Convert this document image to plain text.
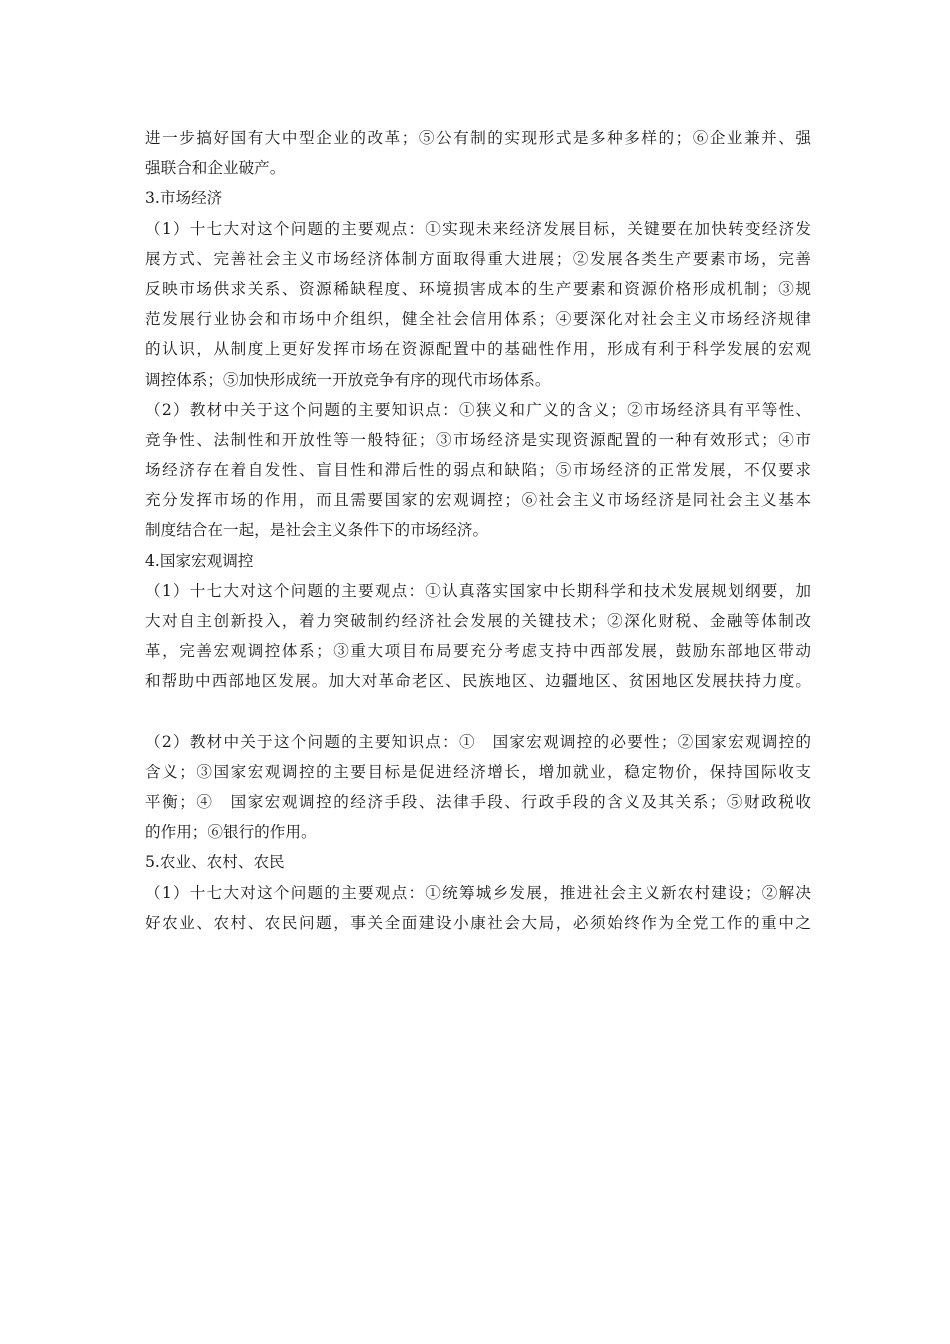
进一步搞好国有大中型企业的改革；⑤公有制的实现形式是多种多样的；⑥企业兼并、强
强联合和企业破产。
3.市场经济
（1）十七大对这个问题的主要观点：①实现未来经济发展目标，关键要在加快转变经济发
展方式、完善社会主义市场经济体制方面取得重大进展；②发展各类生产要素市场，完善
反映市场供求关系、资源稀缺程度、环境损害成本的生产要素和资源价格形成机制；③规
范发展行业协会和市场中介组织，健全社会信用体系；④要深化对社会主义市场经济规律
的认识，从制度上更好发挥市场在资源配置中的基础性作用，形成有利于科学发展的宏观
调控体系；⑤加快形成统一开放竞争有序的现代市场体系。
（2）教材中关于这个问题的主要知识点：①狭义和广义的含义；②市场经济具有平等性、
竞争性、法制性和开放性等一般特征；③市场经济是实现资源配置的一种有效形式；④市
场经济存在着自发性、盲目性和滞后性的弱点和缺陷；⑤市场经济的正常发展，不仅要求
充分发挥市场的作用，而且需要国家的宏观调控；⑥社会主义市场经济是同社会主义基本
制度结合在一起，是社会主义条件下的市场经济。
4.国家宏观调控
（1）十七大对这个问题的主要观点：①认真落实国家中长期科学和技术发展规划纲要，加
大对自主创新投入，着力突破制约经济社会发展的关键技术；②深化财税、金融等体制改
革，完善宏观调控体系；③重大项目布局要充分考虑支持中西部发展，鼓励东部地区带动
和帮助中西部地区发展。加大对革命老区、民族地区、边疆地区、贫困地区发展扶持力度。
（2）教材中关于这个问题的主要知识点：①　国家宏观调控的必要性；②国家宏观调控的
含义；③国家宏观调控的主要目标是促进经济增长，增加就业，稳定物价，保持国际收支
平衡；④　国家宏观调控的经济手段、法律手段、行政手段的含义及其关系；⑤财政税收
的作用；⑥银行的作用。
5.农业、农村、农民
（1）十七大对这个问题的主要观点：①统筹城乡发展，推进社会主义新农村建设；②解决
好农业、农村、农民问题，事关全面建设小康社会大局，必须始终作为全党工作的重中之
